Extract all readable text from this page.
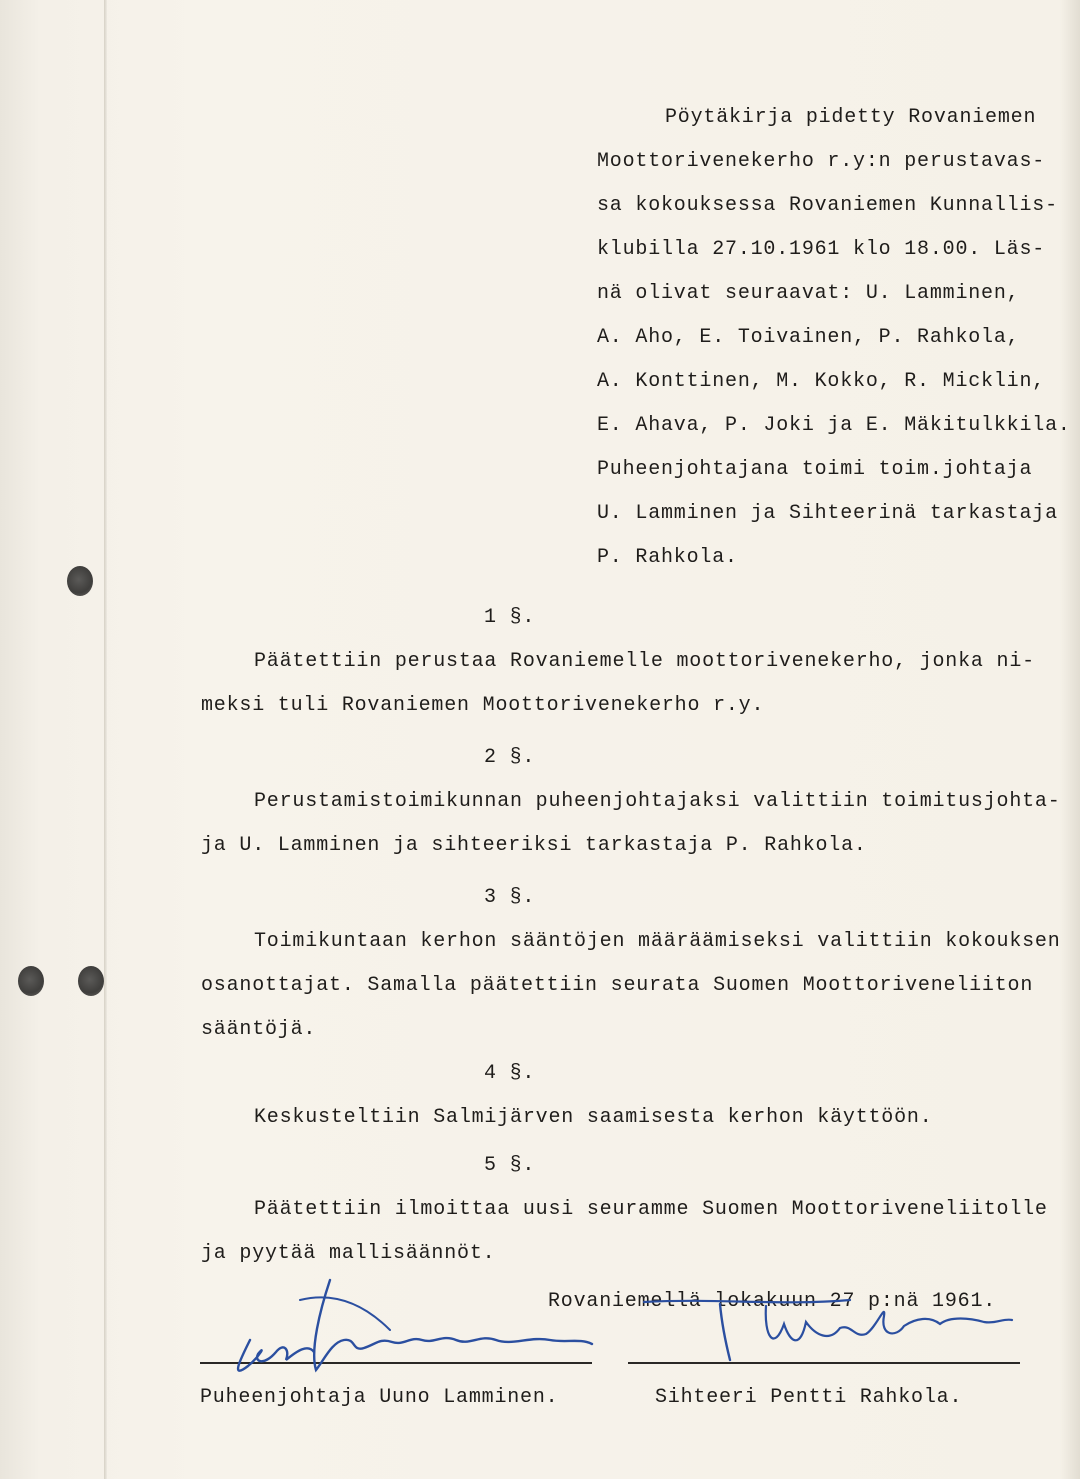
Pöytäkirja pidetty Rovaniemen
Moottorivenekerho r.y:n perustavas-
sa kokouksessa Rovaniemen Kunnallis-
klubilla 27.10.1961 klo 18.00. Läs-
nä olivat seuraavat: U. Lamminen,
A. Aho, E. Toivainen, P. Rahkola,
A. Konttinen, M. Kokko, R. Micklin,
E. Ahava, P. Joki ja E. Mäkitulkkila.
Puheenjohtajana toimi toim.johtaja
U. Lamminen ja Sihteerinä tarkastaja
P. Rahkola.
1 §.
Päätettiin perustaa Rovaniemelle moottorivenekerho, jonka ni-
meksi tuli Rovaniemen Moottorivenekerho r.y.
2 §.
Perustamistoimikunnan puheenjohtajaksi valittiin toimitusjohta-
ja U. Lamminen ja sihteeriksi tarkastaja P. Rahkola.
3 §.
Toimikuntaan kerhon sääntöjen määräämiseksi valittiin kokouksen
osanottajat. Samalla päätettiin seurata Suomen Moottoriveneliiton
sääntöjä.
4 §.
Keskusteltiin Salmijärven saamisesta kerhon käyttöön.
5 §.
Päätettiin ilmoittaa uusi seuramme Suomen Moottoriveneliitolle
ja pyytää mallisäännöt.
Rovaniemellä lokakuun 27 p:nä 1961.
Puheenjohtaja Uuno Lamminen.	Sihteeri Pentti Rahkola.
